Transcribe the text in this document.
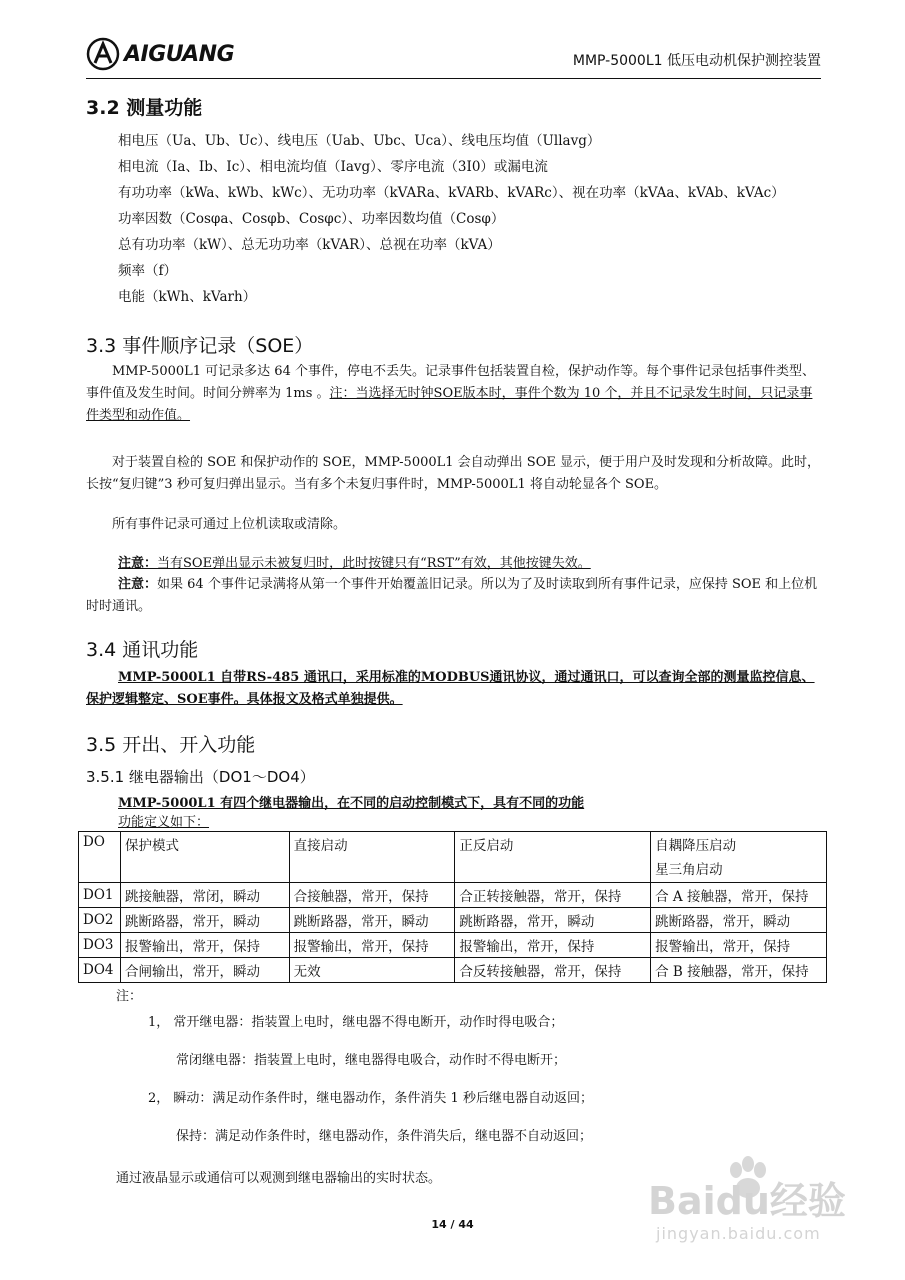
AIGUANG	MMP-5000L1 低压电动机保护测控装置
3.2 测量功能
相电压（Ua、Ub、Uc）、线电压（Uab、Ubc、Uca）、线电压均值（Ullavg）
相电流（Ia、Ib、Ic）、相电流均值（Iavg）、零序电流（3I0）或漏电流
有功功率（kWa、kWb、kWc）、无功功率（kVARa、kVARb、kVARc）、视在功率（kVAa、kVAb、kVAc）
功率因数（Cosφa、Cosφb、Cosφc）、功率因数均值（Cosφ）
总有功功率（kW）、总无功功率（kVAR）、总视在功率（kVA）
频率（f）
电能（kWh、kVarh）
3.3 事件顺序记录（SOE）
MMP-5000L1 可记录多达 64 个事件，停电不丢失。记录事件包括装置自检，保护动作等。每个事件记录包括事件类型、事件值及发生时间。时间分辨率为 1ms 。注：当选择无时钟SOE版本时，事件个数为 10 个，并且不记录发生时间，只记录事件类型和动作值。
对于装置自检的 SOE 和保护动作的 SOE，MMP-5000L1 会自动弹出 SOE 显示，便于用户及时发现和分析故障。此时，长按“复归键”3 秒可复归弹出显示。当有多个未复归事件时，MMP-5000L1 将自动轮显各个 SOE。
所有事件记录可通过上位机读取或清除。
注意：当有SOE弹出显示未被复归时，此时按键只有“RST”有效，其他按键失效。
注意：如果 64 个事件记录满将从第一个事件开始覆盖旧记录。所以为了及时读取到所有事件记录，应保持 SOE 和上位机时时通讯。
3.4 通讯功能
MMP-5000L1 自带RS-485 通讯口，采用标准的MODBUS通讯协议，通过通讯口，可以查询全部的测量监控信息、保护逻辑整定、SOE事件。具体报文及格式单独提供。
3.5 开出、开入功能
3.5.1 继电器输出（DO1～DO4）
MMP-5000L1 有四个继电器输出，在不同的启动控制模式下，具有不同的功能
功能定义如下：
DO	保护模式	直接启动	正反启动	自耦降压启动
星三角启动

DO1	跳接触器，常闭，瞬动	合接触器，常开，保持	合正转接触器，常开，保持	合 A 接触器，常开，保持
DO2	跳断路器，常开，瞬动	跳断路器，常开，瞬动	跳断路器，常开，瞬动	跳断路器，常开，瞬动
DO3	报警输出，常开，保持	报警输出，常开，保持	报警输出，常开，保持	报警输出，常开，保持
DO4	合闸输出，常开，瞬动	无效	合反转接触器，常开，保持	合 B 接触器，常开，保持
注：
1， 常开继电器：指装置上电时，继电器不得电断开，动作时得电吸合；
常闭继电器：指装置上电时，继电器得电吸合，动作时不得电断开；
2， 瞬动：满足动作条件时，继电器动作，条件消失 1 秒后继电器自动返回；
保持：满足动作条件时，继电器动作，条件消失后，继电器不自动返回；
通过液晶显示或通信可以观测到继电器输出的实时状态。
14 / 44
Baidu经验
jingyan.baidu.com
